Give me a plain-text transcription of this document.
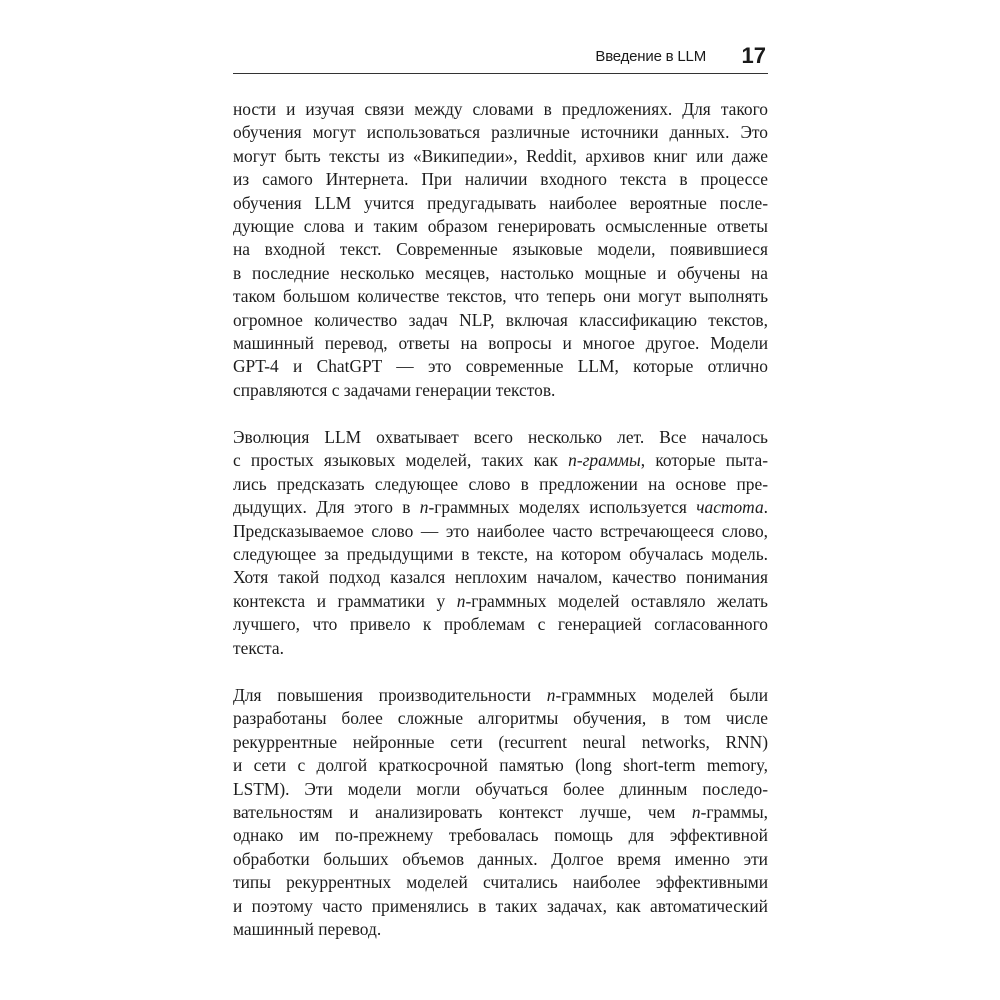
Введение в LLM 17

ности и изучая связи между словами в предложениях. Для такого
обучения могут использоваться различные источники данных. Это
могут быть тексты из «Википедии», Reddit, архивов книг или даже
из самого Интернета. При наличии входного текста в процессе
обучения LLM учится предугадывать наиболее вероятные после-
дующие слова и таким образом генерировать осмысленные ответы
на входной текст. Современные языковые модели, появившиеся
в последние несколько месяцев, настолько мощные и обучены на
таком большом количестве текстов, что теперь они могут выполнять
огромное количество задач NLP, включая классификацию текстов,
машинный перевод, ответы на вопросы и многое другое. Модели
GPT-4 и ChatGPT — это современные LLM, которые отлично
справляются с задачами генерации текстов.

Эволюция LLM охватывает всего несколько лет. Все началось
с простых языковых моделей, таких как n-граммы, которые пыта-
лись предсказать следующее слово в предложении на основе пре-
дыдущих. Для этого в n-граммных моделях используется частота.
Предсказываемое слово — это наиболее часто встречающееся слово,
следующее за предыдущими в тексте, на котором обучалась модель.
Хотя такой подход казался неплохим началом, качество понимания
контекста и грамматики у n-граммных моделей оставляло желать
лучшего, что привело к проблемам с генерацией согласованного
текста.

Для повышения производительности n-граммных моделей были
разработаны более сложные алгоритмы обучения, в том числе
рекуррентные нейронные сети (recurrent neural networks, RNN)
и сети с долгой краткосрочной памятью (long short-term memory,
LSTM). Эти модели могли обучаться более длинным последо-
вательностям и анализировать контекст лучше, чем n-граммы,
однако им по-прежнему требовалась помощь для эффективной
обработки больших объемов данных. Долгое время именно эти
типы рекуррентных моделей считались наиболее эффективными
и поэтому часто применялись в таких задачах, как автоматический
машинный перевод.
